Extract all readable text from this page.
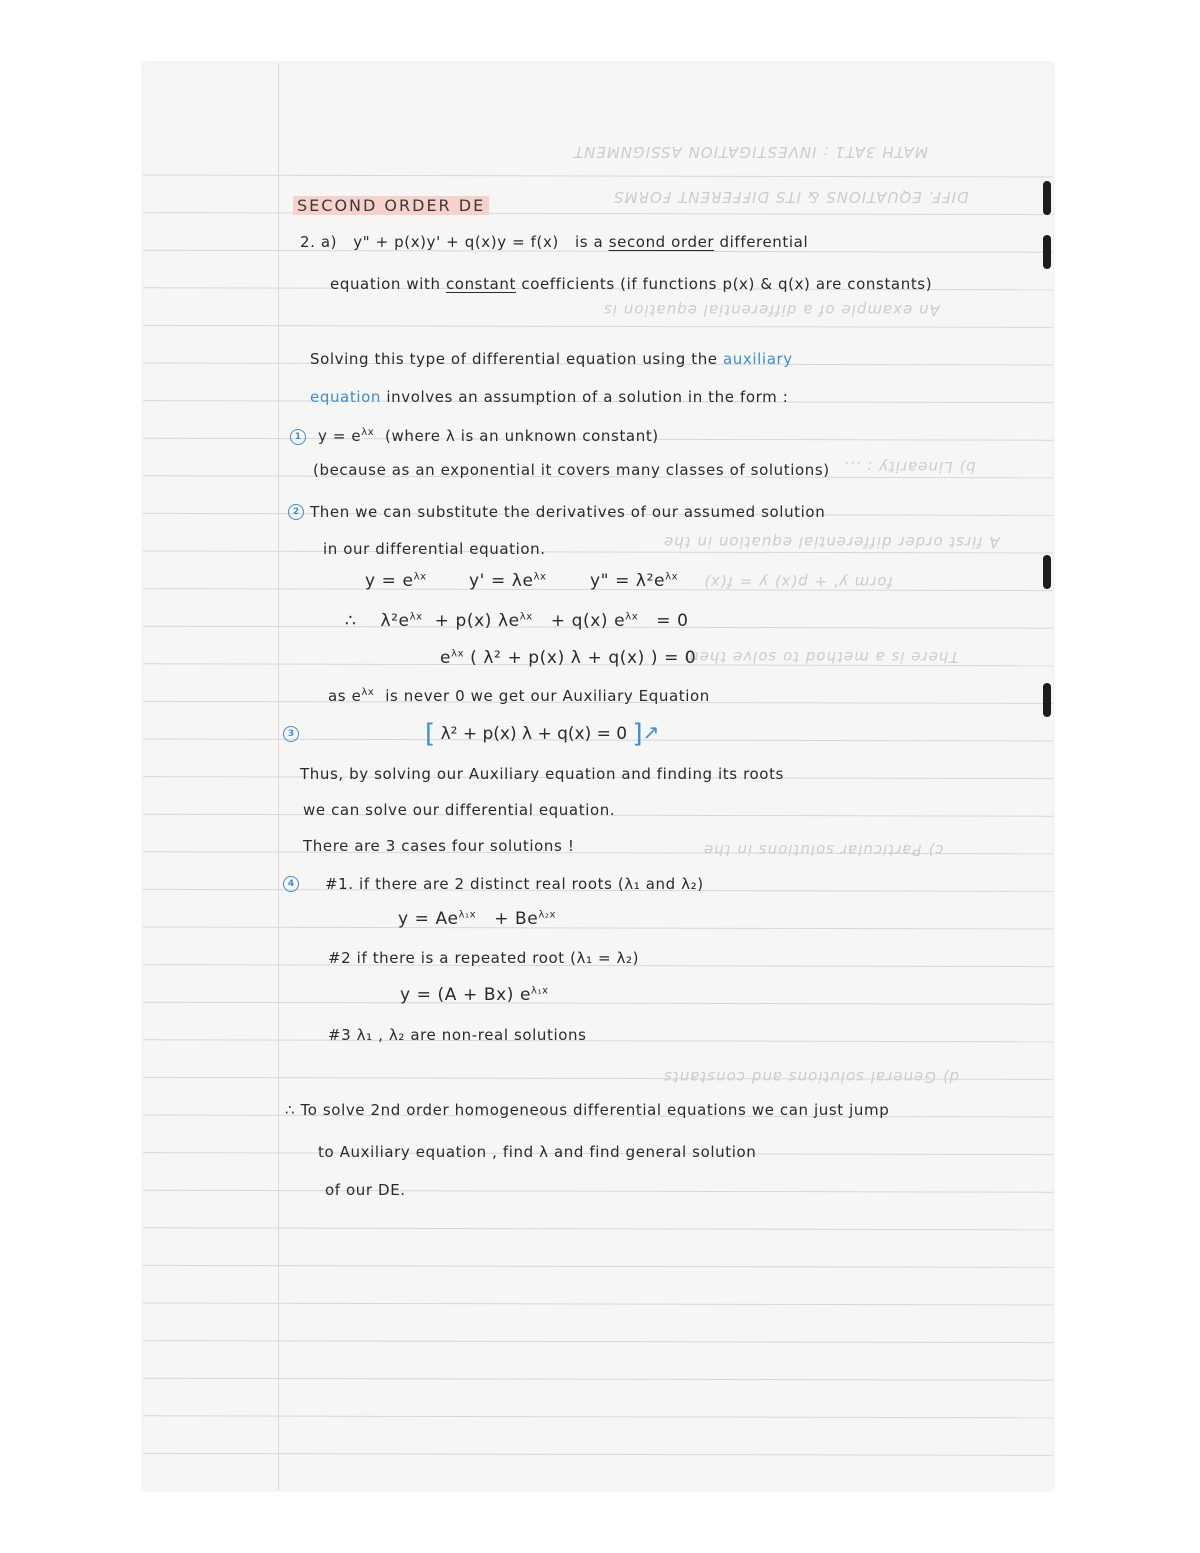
MATH 3AT1 : INVESTIGATION ASSIGNMENT
DIFF. EQUATIONS & ITS DIFFERENT FORMS
An example of a differential equation is
b) Linearity : ...
A first order differential equation in the
form y' + p(x) y = f(x)
There is a method to solve them
c) Particular solutions in the
d) General solutions and constants
SECOND ORDER DE
2. a) y" + p(x)y' + q(x)y = f(x) is a second order differential
equation with constant coefficients (if functions p(x) & q(x) are constants)
Solving this type of differential equation using the auxiliary
equation involves an assumption of a solution in the form :
1	$y = e^{\lambda x}$ (where λ is an unknown constant)
(because as an exponential it covers many classes of solutions)
2 Then we can substitute the derivatives of our assumed solution
in our differential equation.
$y = e^{\lambda x}$ $y' = \lambda e^{\lambda x}$	y" = $\lambda^2e^{\lambda x}$
∴ $\lambda^2e^{\lambda x} + p(x) \lambda e^{\lambda x} + q(x) e^{\lambda x} = 0$
$e^{\lambda x}$ ( λ² + p(x) λ + q(x) ) = 0
as $e^{\lambda x}$ is never 0 we get our Auxiliary Equation
3	[ λ² + p(x) λ + q(x) = 0 ]↗
Thus, by solving our Auxiliary equation and finding its roots
we can solve our differential equation.
There are 3 cases four solutions !
4	#1. if there are 2 distinct real roots (λ₁ and λ₂)
$y = Ae^{\lambda_1x} + Be^{\lambda_2x}$
#2 if there is a repeated root (λ₁ = λ₂)
y = (A + Bx) $e^{\lambda_1x}$
#3 λ₁ , λ₂ are non-real solutions
∴ To solve 2nd order homogeneous differential equations we can just jump
to Auxiliary equation , find λ and find general solution
of our DE.
